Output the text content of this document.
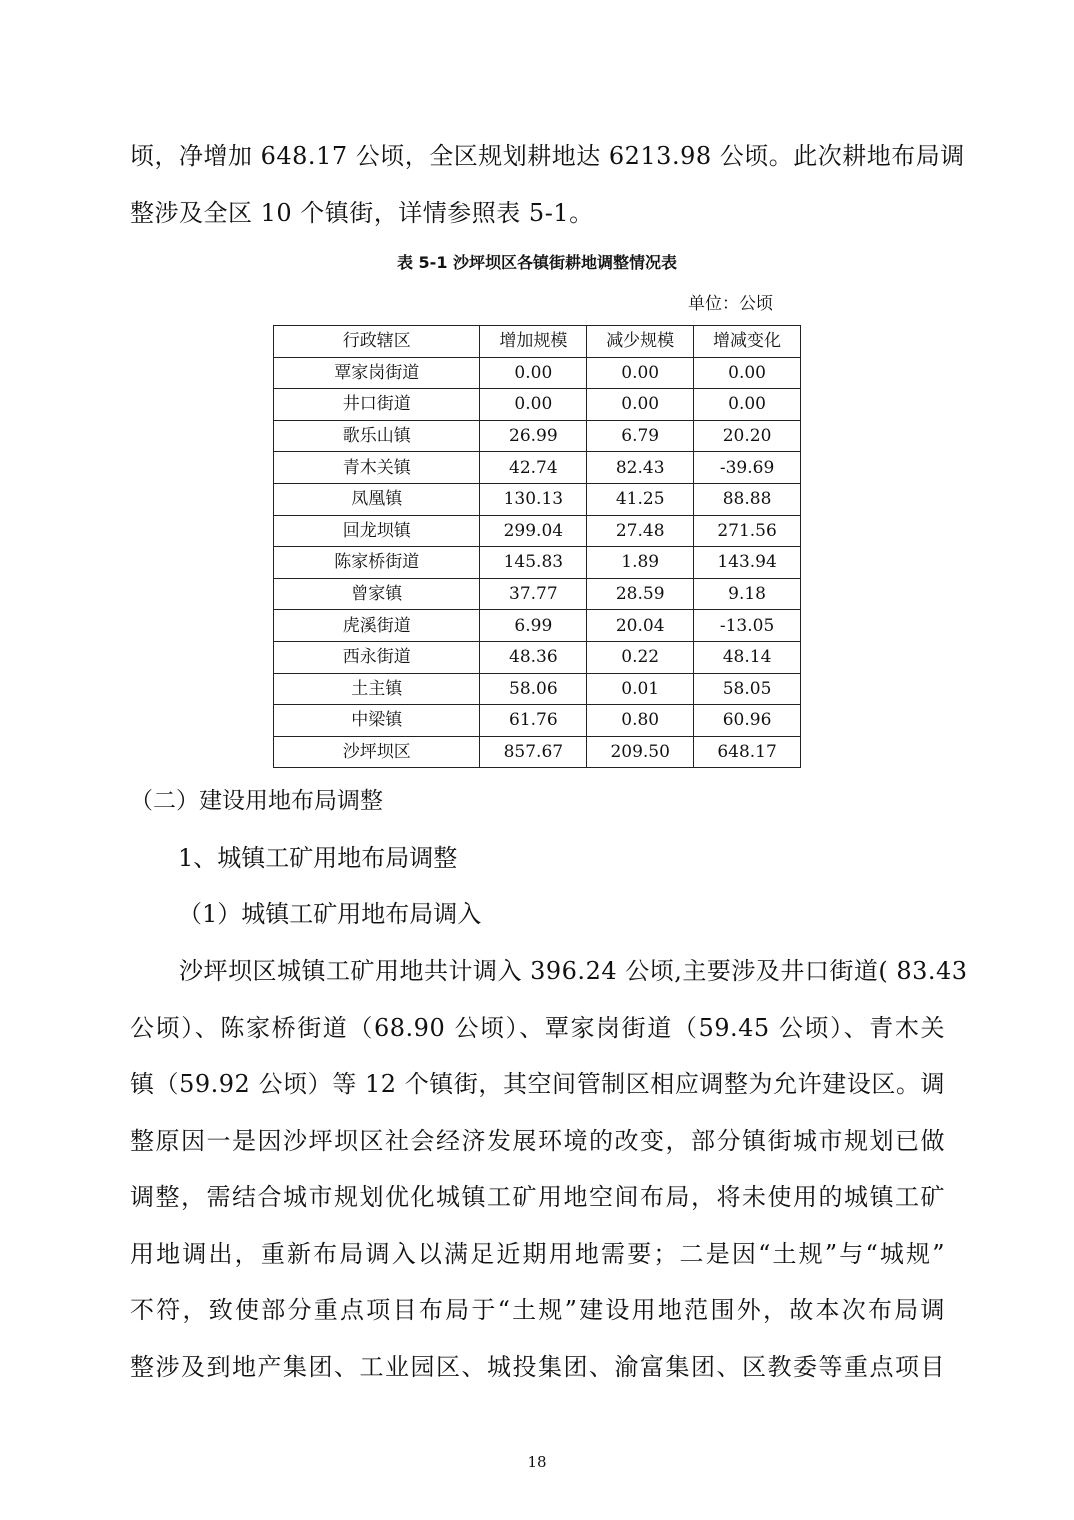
顷，净增加 648.17 公顷，全区规划耕地达 6213.98 公顷。此次耕地布局调
整涉及全区 10 个镇街，详情参照表 5-1。
表 5-1 沙坪坝区各镇街耕地调整情况表
单位：公顷
行政辖区	增加规模	减少规模	增减变化
覃家岗街道	0.00	0.00	0.00
井口街道	0.00	0.00	0.00
歌乐山镇	26.99	6.79	20.20
青木关镇	42.74	82.43	-39.69
凤凰镇	130.13	41.25	88.88
回龙坝镇	299.04	27.48	271.56
陈家桥街道	145.83	1.89	143.94
曾家镇	37.77	28.59	9.18
虎溪街道	6.99	20.04	-13.05
西永街道	48.36	0.22	48.14
土主镇	58.06	0.01	58.05
中梁镇	61.76	0.80	60.96
沙坪坝区	857.67	209.50	648.17
（二）建设用地布局调整
1、城镇工矿用地布局调整
（1）城镇工矿用地布局调入
　　沙坪坝区城镇工矿用地共计调入 396.24 公顷,主要涉及井口街道( 83.43
公顷）、陈家桥街道（68.90 公顷）、覃家岗街道（59.45 公顷）、青木关
镇（59.92 公顷）等 12 个镇街，其空间管制区相应调整为允许建设区。调
整原因一是因沙坪坝区社会经济发展环境的改变，部分镇街城市规划已做
调整，需结合城市规划优化城镇工矿用地空间布局，将未使用的城镇工矿
用地调出，重新布局调入以满足近期用地需要；二是因“土规”与“城规”
不符，致使部分重点项目布局于“土规”建设用地范围外，故本次布局调
整涉及到地产集团、工业园区、城投集团、渝富集团、区教委等重点项目
18
